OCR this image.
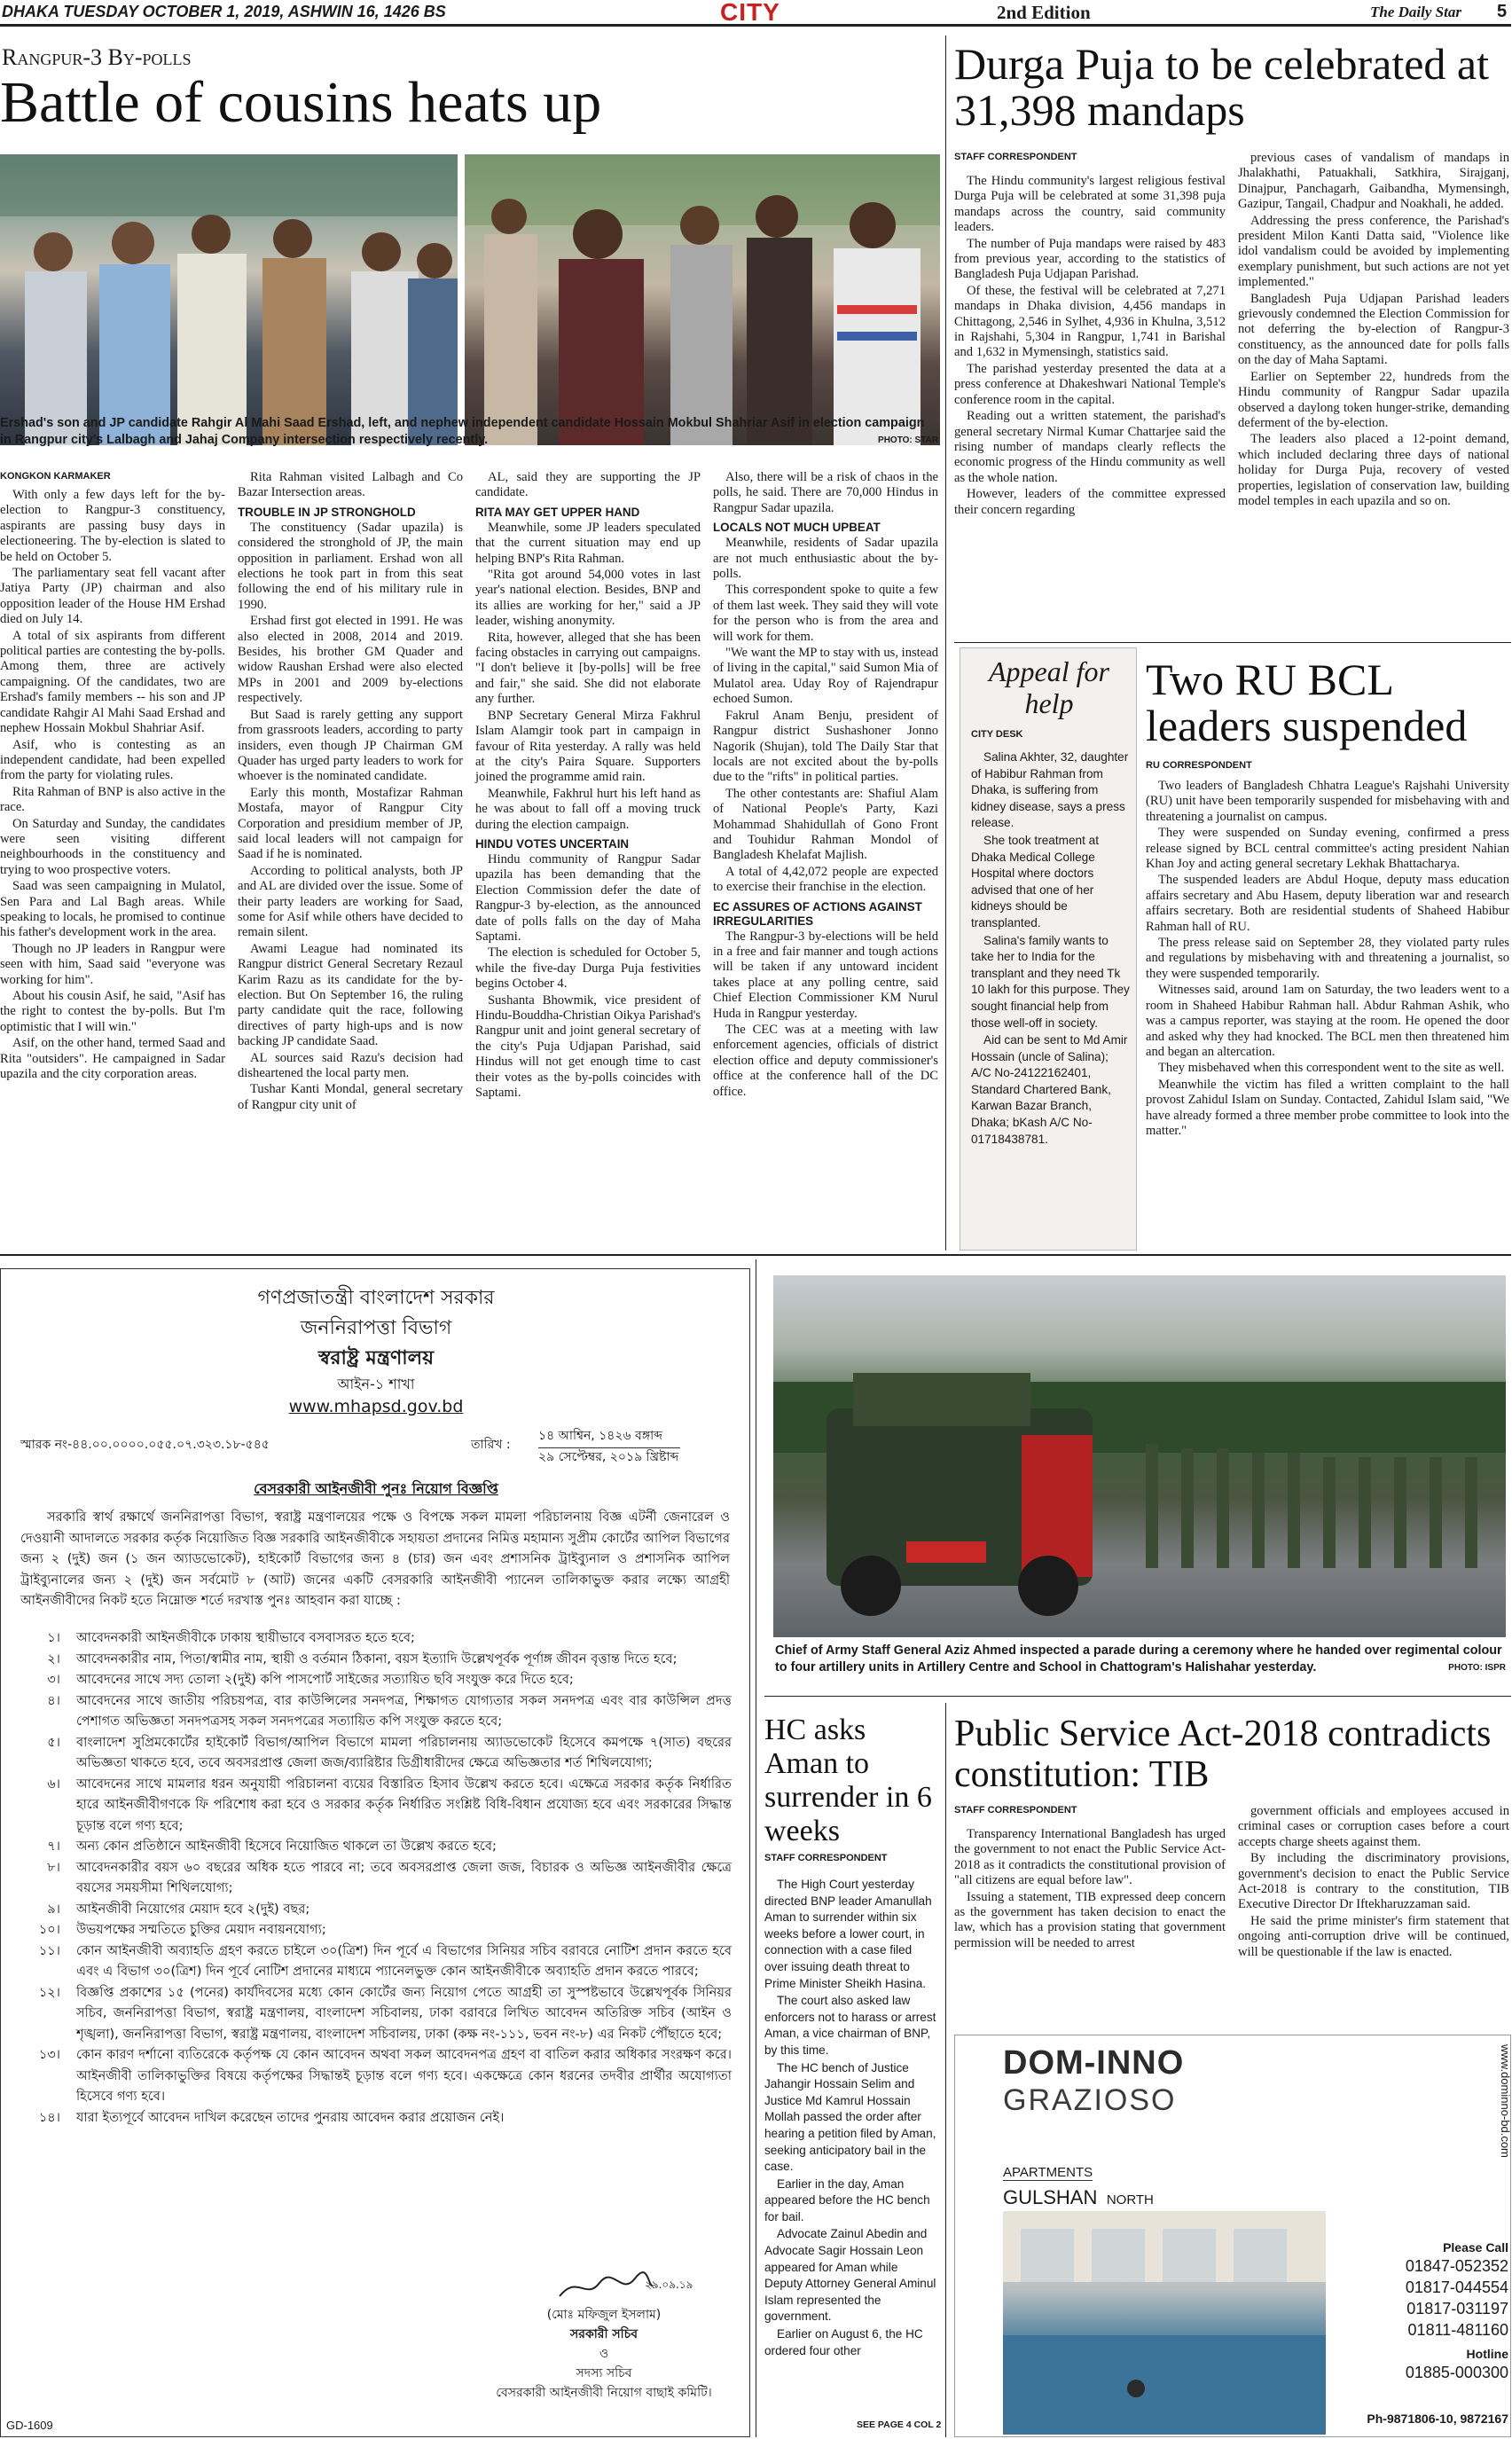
DHAKA TUESDAY OCTOBER 1, 2019, ASHWIN 16, 1426 BS	CITY	2nd Edition	The Daily Star 5
Rangpur-3 By-polls
Battle of cousins heats up
Ershad's son and JP candidate Rahgir Al Mahi Saad Ershad, left, and nephew independent candidate Hossain Mokbul Shahriar Asif in election campaign in Rangpur city's Lalbagh and Jahaj Company intersection respectively recently.	PHOTO: STAR
KONGKON KARMAKER

With only a few days left for the by-election to Rangpur-3 constituency, aspirants are passing busy days in electioneering. The by-election is slated to be held on October 5.

The parliamentary seat fell vacant after Jatiya Party (JP) chairman and also opposition leader of the House HM Ershad died on July 14.

A total of six aspirants from different political parties are contesting the by-polls. Among them, three are actively campaigning. Of the candidates, two are Ershad's family members -- his son and JP candidate Rahgir Al Mahi Saad Ershad and nephew Hossain Mokbul Shahriar Asif.

Asif, who is contesting as an independent candidate, had been expelled from the party for violating rules.

Rita Rahman of BNP is also active in the race.

On Saturday and Sunday, the candidates were seen visiting different neighbourhoods in the constituency and trying to woo prospective voters.

Saad was seen campaigning in Mulatol, Sen Para and Lal Bagh areas. While speaking to locals, he promised to continue his father's development work in the area.

Though no JP leaders in Rangpur were seen with him, Saad said "everyone was working for him".

About his cousin Asif, he said, "Asif has the right to contest the by-polls. But I'm optimistic that I will win."

Asif, on the other hand, termed Saad and Rita "outsiders". He campaigned in Sadar upazila and the city corporation areas.

Rita Rahman visited Lalbagh and Co Bazar Intersection areas.

TROUBLE IN JP STRONGHOLD

The constituency (Sadar upazila) is considered the stronghold of JP, the main opposition in parliament. Ershad won all elections he took part in from this seat following the end of his military rule in 1990.

Ershad first got elected in 1991. He was also elected in 2008, 2014 and 2019. Besides, his brother GM Quader and widow Raushan Ershad were also elected MPs in 2001 and 2009 by-elections respectively.

But Saad is rarely getting any support from grassroots leaders, according to party insiders, even though JP Chairman GM Quader has urged party leaders to work for whoever is the nominated candidate.

Early this month, Mostafizar Rahman Mostafa, mayor of Rangpur City Corporation and presidium member of JP, said local leaders will not campaign for Saad if he is nominated.

According to political analysts, both JP and AL are divided over the issue. Some of their party leaders are working for Saad, some for Asif while others have decided to remain silent.

Awami League had nominated its Rangpur district General Secretary Rezaul Karim Razu as its candidate for the by-election. But On September 16, the ruling party candidate quit the race, following directives of party high-ups and is now backing JP candidate Saad.

AL sources said Razu's decision had disheartened the local party men.

Tushar Kanti Mondal, general secretary of Rangpur city unit of

AL, said they are supporting the JP candidate.

RITA MAY GET UPPER HAND

Meanwhile, some JP leaders speculated that the current situation may end up helping BNP's Rita Rahman.

"Rita got around 54,000 votes in last year's national election. Besides, BNP and its allies are working for her," said a JP leader, wishing anonymity.

Rita, however, alleged that she has been facing obstacles in carrying out campaigns. "I don't believe it [by-polls] will be free and fair," she said. She did not elaborate any further.

BNP Secretary General Mirza Fakhrul Islam Alamgir took part in campaign in favour of Rita yesterday. A rally was held at the city's Paira Square. Supporters joined the programme amid rain.

Meanwhile, Fakhrul hurt his left hand as he was about to fall off a moving truck during the election campaign.

HINDU VOTES UNCERTAIN

Hindu community of Rangpur Sadar upazila has been demanding that the Election Commission defer the date of Rangpur-3 by-election, as the announced date of polls falls on the day of Maha Saptami.

The election is scheduled for October 5, while the five-day Durga Puja festivities begins October 4.

Sushanta Bhowmik, vice president of Hindu-Bouddha-Christian Oikya Parishad's Rangpur unit and joint general secretary of the city's Puja Udjapan Parishad, said Hindus will not get enough time to cast their votes as the by-polls coincides with Saptami.

Also, there will be a risk of chaos in the polls, he said. There are 70,000 Hindus in Rangpur Sadar upazila.

LOCALS NOT MUCH UPBEAT

Meanwhile, residents of Sadar upazila are not much enthusiastic about the by-polls.

This correspondent spoke to quite a few of them last week. They said they will vote for the person who is from the area and will work for them.

"We want the MP to stay with us, instead of living in the capital," said Sumon Mia of Mulatol area. Uday Roy of Rajendrapur echoed Sumon.

Fakrul Anam Benju, president of Rangpur district Sushashoner Jonno Nagorik (Shujan), told The Daily Star that locals are not excited about the by-polls due to the "rifts" in political parties.

The other contestants are: Shafiul Alam of National People's Party, Kazi Mohammad Shahidullah of Gono Front and Touhidur Rahman Mondol of Bangladesh Khelafat Majlish.

A total of 4,42,072 people are expected to exercise their franchise in the election.

EC ASSURES OF ACTIONS AGAINST IRREGULARITIES

The Rangpur-3 by-elections will be held in a free and fair manner and tough actions will be taken if any untoward incident takes place at any polling centre, said Chief Election Commissioner KM Nurul Huda in Rangpur yesterday.

The CEC was at a meeting with law enforcement agencies, officials of district election office and deputy commissioner's office at the conference hall of the DC office.

Durga Puja to be celebrated at 31,398 mandaps
STAFF CORRESPONDENT

The Hindu community's largest religious festival Durga Puja will be celebrated at some 31,398 puja mandaps across the country, said community leaders.

The number of Puja mandaps were raised by 483 from previous year, according to the statistics of Bangladesh Puja Udjapan Parishad.

Of these, the festival will be celebrated at 7,271 mandaps in Dhaka division, 4,456 mandaps in Chittagong, 2,546 in Sylhet, 4,936 in Khulna, 3,512 in Rajshahi, 5,304 in Rangpur, 1,741 in Barishal and 1,632 in Mymensingh, statistics said.

The parishad yesterday presented the data at a press conference at Dhakeshwari National Temple's conference room in the capital.

Reading out a written statement, the parishad's general secretary Nirmal Kumar Chattarjee said the rising number of mandaps clearly reflects the economic progress of the Hindu community as well as the whole nation.

However, leaders of the committee expressed their concern regarding

previous cases of vandalism of mandaps in Jhalakhathi, Patuakhali, Satkhira, Sirajganj, Dinajpur, Panchagarh, Gaibandha, Mymensingh, Gazipur, Tangail, Chadpur and Noakhali, he added.

Addressing the press conference, the Parishad's president Milon Kanti Datta said, "Violence like idol vandalism could be avoided by implementing exemplary punishment, but such actions are not yet implemented."

Bangladesh Puja Udjapan Parishad leaders grievously condemned the Election Commission for not deferring the by-election of Rangpur-3 constituency, as the announced date for polls falls on the day of Maha Saptami.

Earlier on September 22, hundreds from the Hindu community of Rangpur Sadar upazila observed a daylong token hunger-strike, demanding deferment of the by-election.

The leaders also placed a 12-point demand, which included declaring three days of national holiday for Durga Puja, recovery of vested properties, legislation of conservation law, building model temples in each upazila and so on.

Appeal for help
CITY DESK

Salina Akhter, 32, daughter of Habibur Rahman from Dhaka, is suffering from kidney disease, says a press release.

She took treatment at Dhaka Medical College Hospital where doctors advised that one of her kidneys should be transplanted.

Salina's family wants to take her to India for the transplant and they need Tk 10 lakh for this purpose. They sought financial help from those well-off in society.

Aid can be sent to Md Amir Hossain (uncle of Salina); A/C No-24122162401, Standard Chartered Bank, Karwan Bazar Branch, Dhaka; bKash A/C No-01718438781.

Two RU BCL leaders suspended
RU CORRESPONDENT

Two leaders of Bangladesh Chhatra League's Rajshahi University (RU) unit have been temporarily suspended for misbehaving with and threatening a journalist on campus.

They were suspended on Sunday evening, confirmed a press release signed by BCL central committee's acting president Nahian Khan Joy and acting general secretary Lekhak Bhattacharya.

The suspended leaders are Abdul Hoque, deputy mass education affairs secretary and Abu Hasem, deputy liberation war and research affairs secretary. Both are residential students of Shaheed Habibur Rahman hall of RU.

The press release said on September 28, they violated party rules and regulations by misbehaving with and threatening a journalist, so they were suspended temporarily.

Witnesses said, around 1am on Saturday, the two leaders went to a room in Shaheed Habibur Rahman hall. Abdur Rahman Ashik, who was a campus reporter, was staying at the room. He opened the door and asked why they had knocked. The BCL men then threatened him and began an altercation.

They misbehaved when this correspondent went to the site as well.

Meanwhile the victim has filed a written complaint to the hall provost Zahidul Islam on Sunday. Contacted, Zahidul Islam said, "We have already formed a three member probe committee to look into the matter."

গণপ্রজাতন্ত্রী বাংলাদেশ সরকার
জননিরাপত্তা বিভাগ
স্বরাষ্ট্র মন্ত্রণালয়
আইন-১ শাখা
www.mhapsd.gov.bd
স্মারক নং-৪৪.০০.০০০০.০৫৫.০৭.৩২৩.১৮-৫৪৫	তারিখ :
১৪ আশ্বিন, ১৪২৬ বঙ্গাব্দ
২৯ সেপ্টেম্বর, ২০১৯ খ্রিষ্টাব্দ
বেসরকারী আইনজীবী পুনঃ নিয়োগ বিজ্ঞপ্তি
সরকারি স্বার্থ রক্ষার্থে জননিরাপত্তা বিভাগ, স্বরাষ্ট্র মন্ত্রণালয়ের পক্ষে ও বিপক্ষে সকল মামলা পরিচালনায় বিজ্ঞ এটর্নী জেনারেল ও দেওয়ানী আদালতে সরকার কর্তৃক নিয়োজিত বিজ্ঞ সরকারি আইনজীবীকে সহায়তা প্রদানের নিমিত্ত মহামান্য সুপ্রীম কোর্টের আপিল বিভাগের জন্য ২ (দুই) জন (১ জন অ্যাডভোকেট), হাইকোর্ট বিভাগের জন্য ৪ (চার) জন এবং প্রশাসনিক ট্রাইব্যুনাল ও প্রশাসনিক আপিল ট্রাইব্যুনালের জন্য ২ (দুই) জন সর্বমোট ৮ (আট) জনের একটি বেসরকারি আইনজীবী প্যানেল তালিকাভুক্ত করার লক্ষ্যে আগ্রহী আইনজীবীদের নিকট হতে নিম্নোক্ত শর্তে দরখাস্ত পুনঃ আহবান করা যাচ্ছে :
১।	আবেদনকারী আইনজীবীকে ঢাকায় স্থায়ীভাবে বসবাসরত হতে হবে;
২।	আবেদনকারীর নাম, পিতা/স্বামীর নাম, স্থায়ী ও বর্তমান ঠিকানা, বয়স ইত্যাদি উল্লেখপূর্বক পূর্ণাঙ্গ জীবন বৃত্তান্ত দিতে হবে;
৩।	আবেদনের সাথে সদ্য তোলা ২(দুই) কপি পাসপোর্ট সাইজের সত্যায়িত ছবি সংযুক্ত করে দিতে হবে;
৪।	আবেদনের সাথে জাতীয় পরিচয়পত্র, বার কাউন্সিলের সনদপত্র, শিক্ষাগত যোগ্যতার সকল সনদপত্র এবং বার কাউন্সিল প্রদত্ত পেশাগত অভিজ্ঞতা সনদপত্রসহ সকল সনদপত্রের সত্যায়িত কপি সংযুক্ত করতে হবে;
৫।	বাংলাদেশ সুপ্রিমকোর্টের হাইকোর্ট বিভাগ/আপিল বিভাগে মামলা পরিচালনায় অ্যাডভোকেট হিসেবে কমপক্ষে ৭(সাত) বছরের অভিজ্ঞতা থাকতে হবে, তবে অবসরপ্রাপ্ত জেলা জজ/ব্যারিষ্টার ডিগ্রীধারীদের ক্ষেত্রে অভিজ্ঞতার শর্ত শিথিলযোগ্য;
৬।	আবেদনের সাথে মামলার ধরন অনুযায়ী পরিচালনা ব্যয়ের বিস্তারিত হিসাব উল্লেখ করতে হবে। এক্ষেত্রে সরকার কর্তৃক নির্ধারিত হারে আইনজীবীগণকে ফি পরিশোধ করা হবে ও সরকার কর্তৃক নির্ধারিত সংশ্লিষ্ট বিধি-বিধান প্রযোজ্য হবে এবং সরকারের সিদ্ধান্ত চূড়ান্ত বলে গণ্য হবে;
৭।	অন্য কোন প্রতিষ্ঠানে আইনজীবী হিসেবে নিয়োজিত থাকলে তা উল্লেখ করতে হবে;
৮।	আবেদনকারীর বয়স ৬০ বছরের অধিক হতে পারবে না; তবে অবসরপ্রাপ্ত জেলা জজ, বিচারক ও অভিজ্ঞ আইনজীবীর ক্ষেত্রে বয়সের সময়সীমা শিথিলযোগ্য;
৯।	আইনজীবী নিয়োগের মেয়াদ হবে ২(দুই) বছর;
১০।	উভয়পক্ষের সম্মতিতে চুক্তির মেয়াদ নবায়নযোগ্য;
১১।	কোন আইনজীবী অব্যাহতি গ্রহণ করতে চাইলে ৩০(ত্রিশ) দিন পূর্বে এ বিভাগের সিনিয়র সচিব বরাবরে নোটিশ প্রদান করতে হবে এবং এ বিভাগ ৩০(ত্রিশ) দিন পূর্বে নোটিশ প্রদানের মাধ্যমে প্যানেলভুক্ত কোন আইনজীবীকে অব্যাহতি প্রদান করতে পারবে;
১২।	বিজ্ঞপ্তি প্রকাশের ১৫ (পনের) কার্যদিবসের মধ্যে কোন কোর্টের জন্য নিয়োগ পেতে আগ্রহী তা সুস্পষ্টভাবে উল্লেখপূর্বক সিনিয়র সচিব, জননিরাপত্তা বিভাগ, স্বরাষ্ট্র মন্ত্রণালয়, বাংলাদেশ সচিবালয়, ঢাকা বরাবরে লিখিত আবেদন অতিরিক্ত সচিব (আইন ও শৃঙ্খলা), জননিরাপত্তা বিভাগ, স্বরাষ্ট্র মন্ত্রণালয়, বাংলাদেশ সচিবালয়, ঢাকা (কক্ষ নং-১১১, ভবন নং-৮) এর নিকট পৌঁছাতে হবে;
১৩।	কোন কারণ দর্শানো ব্যতিরেকে কর্তৃপক্ষ যে কোন আবেদন অথবা সকল আবেদনপত্র গ্রহণ বা বাতিল করার অধিকার সংরক্ষণ করে। আইনজীবী তালিকাভুক্তির বিষয়ে কর্তৃপক্ষের সিদ্ধান্তই চূড়ান্ত বলে গণ্য হবে। একক্ষেত্রে কোন ধরনের তদবীর প্রার্থীর অযোগ্যতা হিসেবে গণ্য হবে।
১৪।	যারা ইত্যপূর্বে আবেদন দাখিল করেছেন তাদের পুনরায় আবেদন করার প্রয়োজন নেই।
২৯.০৯.১৯
(মোঃ মফিজুল ইসলাম)
সরকারী সচিব
ও
সদস্য সচিব
বেসরকারী আইনজীবী নিয়োগ বাছাই কমিটি।
GD-1609
Chief of Army Staff General Aziz Ahmed inspected a parade during a ceremony where he handed over regimental colour to four artillery units in Artillery Centre and School in Chattogram's Halishahar yesterday.	PHOTO: ISPR
HC asks Aman to surrender in 6 weeks
STAFF CORRESPONDENT

The High Court yesterday directed BNP leader Amanullah Aman to surrender within six weeks before a lower court, in connection with a case filed over issuing death threat to Prime Minister Sheikh Hasina.

The court also asked law enforcers not to harass or arrest Aman, a vice chairman of BNP, by this time.

The HC bench of Justice Jahangir Hossain Selim and Justice Md Kamrul Hossain Mollah passed the order after hearing a petition filed by Aman, seeking anticipatory bail in the case.

Earlier in the day, Aman appeared before the HC bench for bail.

Advocate Zainul Abedin and Advocate Sagir Hossain Leon appeared for Aman while Deputy Attorney General Aminul Islam represented the government.

Earlier on August 6, the HC ordered four other

SEE PAGE 4 COL 2
Public Service Act-2018 contradicts constitution: TIB
STAFF CORRESPONDENT

Transparency International Bangladesh has urged the government to not enact the Public Service Act-2018 as it contradicts the constitutional provision of "all citizens are equal before law".

Issuing a statement, TIB expressed deep concern as the government has taken decision to enact the law, which has a provision stating that government permission will be needed to arrest

government officials and employees accused in criminal cases or corruption cases before a court accepts charge sheets against them.

By including the discriminatory provisions, government's decision to enact the Public Service Act-2018 is contrary to the constitution, TIB Executive Director Dr Iftekharuzzaman said.

He said the prime minister's firm statement that ongoing anti-corruption drive will be continued, will be questionable if the law is enacted.

DOM-INNO
GRAZIOSO
APARTMENTS
GULSHAN NORTH
www.dominno-bd.com
Please Call
01847-052352
01817-044554
01817-031197
01811-481160
Hotline
01885-000300
Ph-9871806-10, 9872167
